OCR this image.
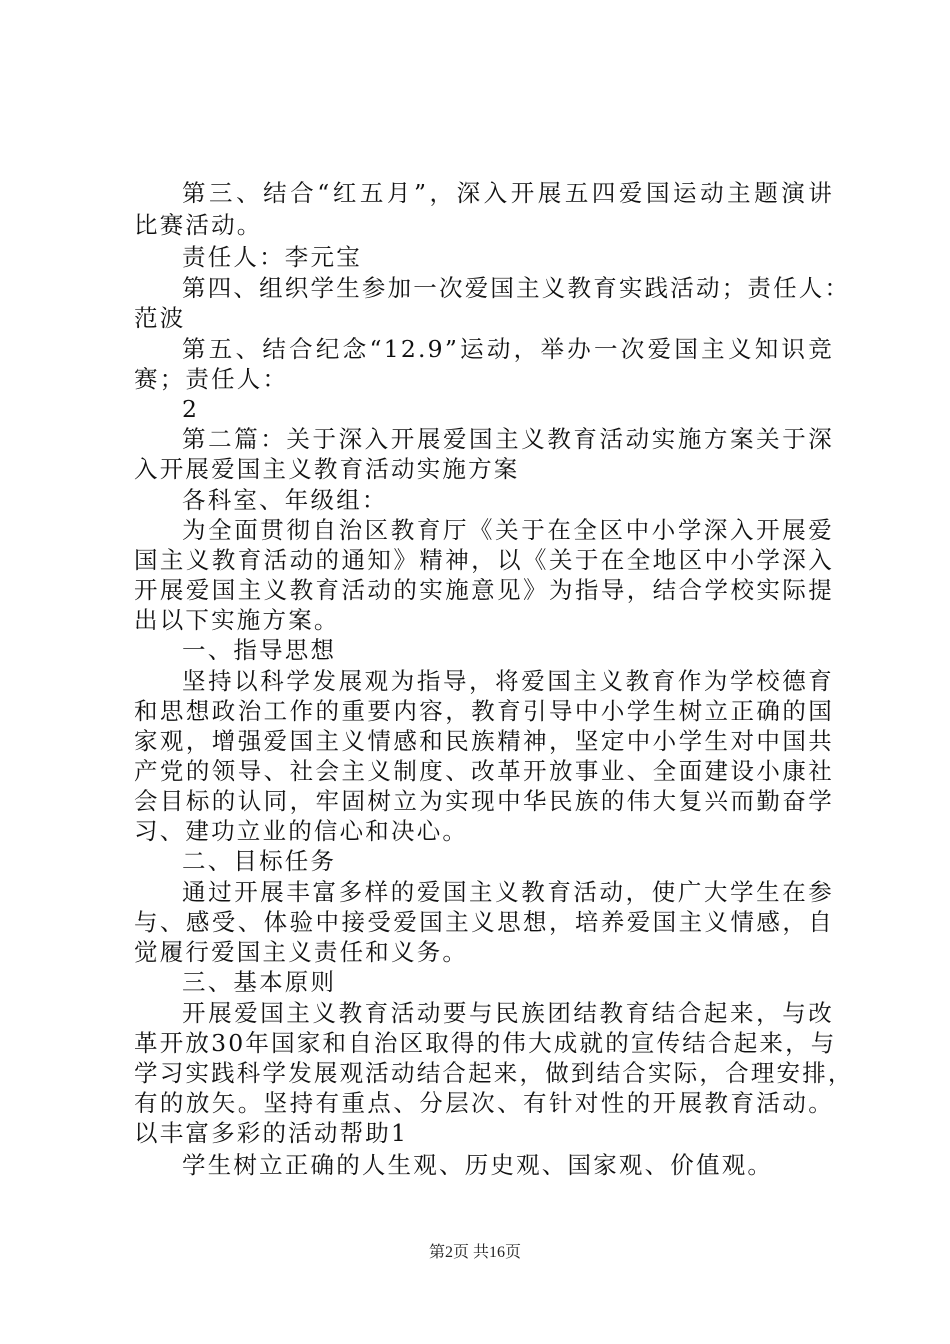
第三、结合“红五月”，深入开展五四爱国运动主题演讲
比赛活动。
责任人：李元宝
第四、组织学生参加一次爱国主义教育实践活动；责任人：
范波
第五、结合纪念“12.9”运动，举办一次爱国主义知识竞
赛；责任人：
2
第二篇：关于深入开展爱国主义教育活动实施方案关于深
入开展爱国主义教育活动实施方案
各科室、年级组：
为全面贯彻自治区教育厅《关于在全区中小学深入开展爱
国主义教育活动的通知》精神，以《关于在全地区中小学深入
开展爱国主义教育活动的实施意见》为指导，结合学校实际提
出以下实施方案。
一、指导思想
坚持以科学发展观为指导，将爱国主义教育作为学校德育
和思想政治工作的重要内容，教育引导中小学生树立正确的国
家观，增强爱国主义情感和民族精神，坚定中小学生对中国共
产党的领导、社会主义制度、改革开放事业、全面建设小康社
会目标的认同，牢固树立为实现中华民族的伟大复兴而勤奋学
习、建功立业的信心和决心。
二、目标任务
通过开展丰富多样的爱国主义教育活动，使广大学生在参
与、感受、体验中接受爱国主义思想，培养爱国主义情感，自
觉履行爱国主义责任和义务。
三、基本原则
开展爱国主义教育活动要与民族团结教育结合起来，与改
革开放30年国家和自治区取得的伟大成就的宣传结合起来，与
学习实践科学发展观活动结合起来，做到结合实际，合理安排，
有的放矢。坚持有重点、分层次、有针对性的开展教育活动。
以丰富多彩的活动帮助1
学生树立正确的人生观、历史观、国家观、价值观。
第2页 共16页
